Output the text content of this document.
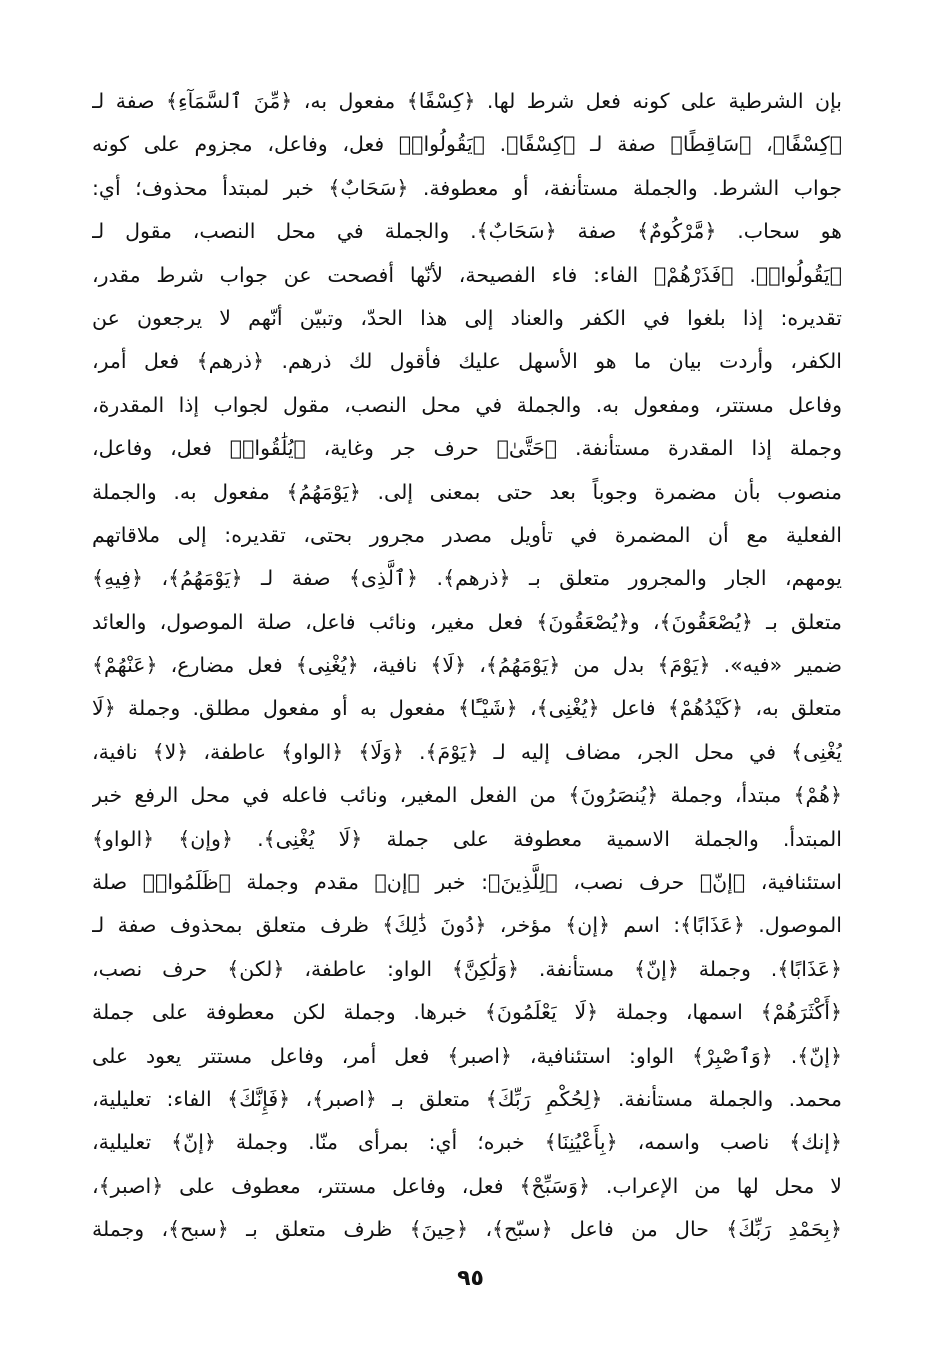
بإن الشرطية على كونه فعل شرط لها. ﴿كِسْفًا﴾ مفعول به، ﴿مِّنَ ٱلسَّمَآءِ﴾ صفة لـ
﴿كِسْفًا﴾، ﴿سَاقِطًا﴾ صفة لـ ﴿كِسْفًا﴾. ﴿يَقُولُوا۟﴾ فعل، وفاعل، مجزوم على كونه
جواب الشرط. والجملة مستأنفة، أو معطوفة. ﴿سَحَابٌ﴾ خبر لمبتدأ محذوف؛ أي:
هو سحاب. ﴿مَّرْكُومٌ﴾ صفة ﴿سَحَابٌ﴾. والجملة في محل النصب، مقول لـ
﴿يَقُولُوا۟﴾. ﴿فَذَرْهُمْ﴾ الفاء: فاء الفصيحة، لأنّها أفصحت عن جواب شرط مقدر،
تقديره: إذا بلغوا في الكفر والعناد إلى هذا الحدّ، وتبيّن أنّهم لا يرجعون عن
الكفر، وأردت بيان ما هو الأسهل عليك فأقول لك ذرهم. ﴿ذرهم﴾ فعل أمر،
وفاعل مستتر، ومفعول به. والجملة في محل النصب، مقول لجواب إذا المقدرة،
وجملة إذا المقدرة مستأنفة. ﴿حَتَّىٰ﴾ حرف جر وغاية، ﴿يُلَٰقُوا۟﴾ فعل، وفاعل،
منصوب بأن مضمرة وجوباً بعد حتى بمعنى إلى. ﴿يَوْمَهُمُ﴾ مفعول به. والجملة
الفعلية مع أن المضمرة في تأويل مصدر مجرور بحتى، تقديره: إلى ملاقاتهم
يومهم، الجار والمجرور متعلق بـ ﴿ذرهم﴾. ﴿ٱلَّذِى﴾ صفة لـ ﴿يَوْمَهُمُ﴾، ﴿فِيهِ﴾
متعلق بـ ﴿يُصْعَقُونَ﴾، و﴿يُصْعَقُونَ﴾ فعل مغير، ونائب فاعل، صلة الموصول، والعائد
ضمير «فيه». ﴿يَوْمَ﴾ بدل من ﴿يَوْمَهُمُ﴾، ﴿لَا﴾ نافية، ﴿يُغْنِى﴾ فعل مضارع، ﴿عَنْهُمْ﴾
متعلق به، ﴿كَيْدُهُمْ﴾ فاعل ﴿يُغْنِى﴾، ﴿شَيْـًٔا﴾ مفعول به أو مفعول مطلق. وجملة ﴿لَا
يُغْنِى﴾ في محل الجر، مضاف إليه لـ ﴿يَوْمَ﴾. ﴿وَلَا﴾ ﴿الواو﴾ عاطفة، ﴿لا﴾ نافية،
﴿هُمْ﴾ مبتدأ، وجملة ﴿يُنصَرُونَ﴾ من الفعل المغير، ونائب فاعله في محل الرفع خبر
المبتدأ. والجملة الاسمية معطوفة على جملة ﴿لَا يُغْنِى﴾. ﴿وإن﴾ ﴿الواو﴾
استئنافية، ﴿إنّ﴾ حرف نصب، ﴿لِلَّذِينَ﴾: خبر ﴿إن﴾ مقدم وجملة ﴿ظَلَمُوا۟﴾ صلة
الموصول. ﴿عَذَابًا﴾: اسم ﴿إن﴾ مؤخر، ﴿دُونَ ذَٰلِكَ﴾ ظرف متعلق بمحذوف صفة لـ
﴿عَذَابًا﴾. وجملة ﴿إنّ﴾ مستأنفة. ﴿وَلَٰكِنَّ﴾ الواو: عاطفة، ﴿لكن﴾ حرف نصب،
﴿أَكْثَرَهُمْ﴾ اسمها، وجملة ﴿لَا يَعْلَمُونَ﴾ خبرها. وجملة لكن معطوفة على جملة
﴿إنّ﴾. ﴿وَٱصْبِرْ﴾ الواو: استئنافية، ﴿اصبر﴾ فعل أمر، وفاعل مستتر يعود على
محمد. والجملة مستأنفة. ﴿لِحُكْمِ رَبِّكَ﴾ متعلق بـ ﴿اصبر﴾، ﴿فَإِنَّكَ﴾ الفاء: تعليلية،
﴿إنك﴾ ناصب واسمه، ﴿بِأَعْيُنِنَا﴾ خبره؛ أي: بمرأى منّا. وجملة ﴿إنّ﴾ تعليلية،
لا محل لها من الإعراب. ﴿وَسَبِّحْ﴾ فعل، وفاعل مستتر، معطوف على ﴿اصبر﴾،
﴿بِحَمْدِ رَبِّكَ﴾ حال من فاعل ﴿سبّح﴾، ﴿حِينَ﴾ ظرف متعلق بـ ﴿سبح﴾، وجملة
٩٥
